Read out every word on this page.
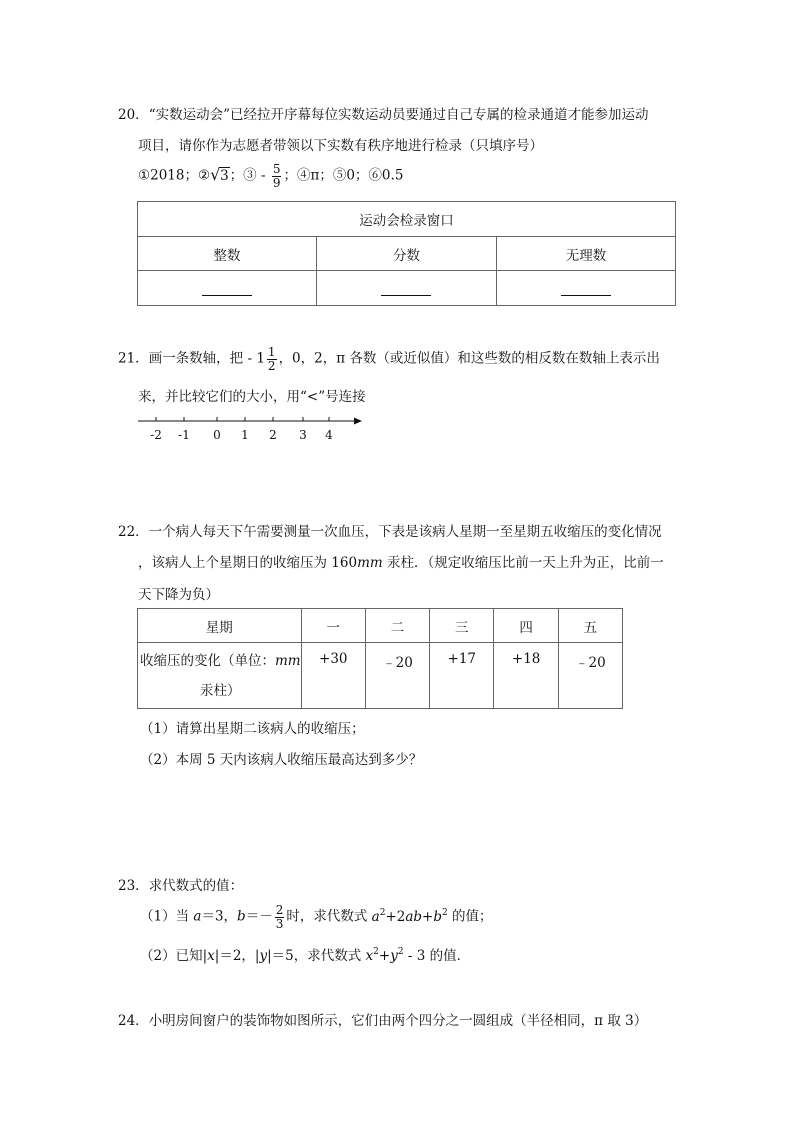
20．“实数运动会”已经拉开序幕每位实数运动员要通过自己专属的检录通道才能参加运动
项目，请你作为志愿者带领以下实数有秩序地进行检录（只填序号）
①2018；② √ 3；③ - $\frac{5}{9}$ ；④π；⑤0；⑥0.5
运动会检录窗口		
整数	分数	无理数

21．画一条数轴，把 - $1 \frac{1}{2}$ ，0，2，π 各数（或近似值）和这些数的相反数在数轴上表示出
来，并比较它们的大小，用“<”号连接
-2 -1 0 1 2 3 4
22．一个病人每天下午需要测量一次血压，下表是该病人星期一至星期五收缩压的变化情况
，该病人上个星期日的收缩压为 160mm 汞柱．（规定收缩压比前一天上升为正，比前一
天下降为负）
星期	一	二	三	四	五

收缩压的变化（单位：mm
汞柱）	+30	﹣20	+17	+18	﹣20
（1）请算出星期二该病人的收缩压；
（2）本周 5 天内该病人收缩压最高达到多少？
23．求代数式的值：
（1）当 a＝3，$b=- \frac{2}{3}$ 时，求代数式 $a^2+2ab+b^2$ 的值；
（2）已知|x|＝2，|y|＝5，求代数式 $x^2+y^2 - 3$ 的值．
24．小明房间窗户的装饰物如图所示，它们由两个四分之一圆组成（半径相同，π 取 3）
